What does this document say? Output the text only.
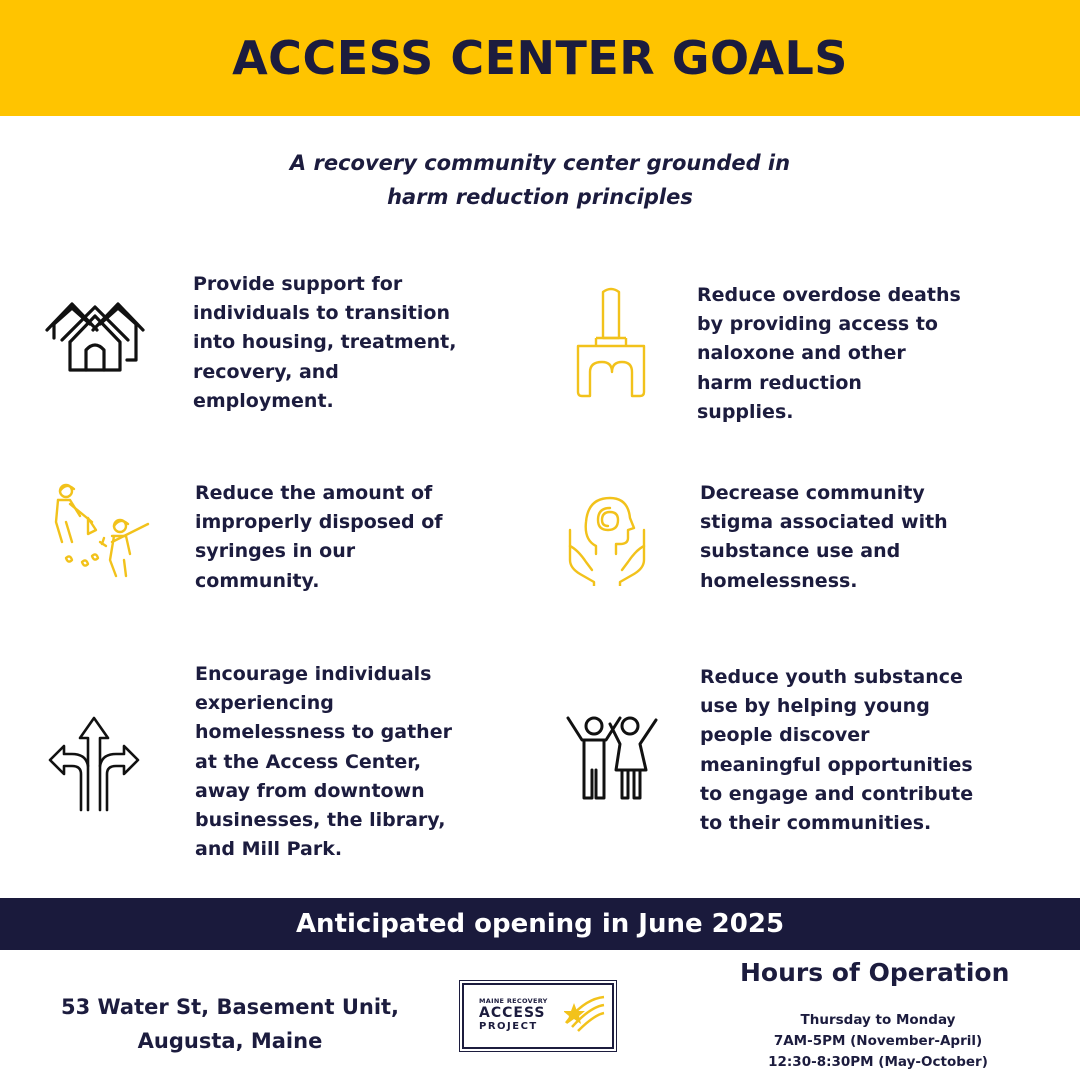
ACCESS CENTER GOALS
A recovery community center grounded in
harm reduction principles
Provide support for
individuals to transition
into housing, treatment,
recovery, and
employment.
Reduce overdose deaths
by providing access to
naloxone and other
harm reduction
supplies.
Reduce the amount of
improperly disposed of
syringes in our
community.
Decrease community
stigma associated with
substance use and
homelessness.
Encourage individuals
experiencing
homelessness to gather
at the Access Center,
away from downtown
businesses, the library,
and Mill Park.
Reduce youth substance
use by helping young
people discover
meaningful opportunities
to engage and contribute
to their communities.
Anticipated opening in June 2025
53 Water St, Basement Unit,
Augusta, Maine
MAINE RECOVERY
ACCESS
PROJECT
Hours of Operation
Thursday to Monday
7AM-5PM (November-April)
12:30-8:30PM (May-October)
